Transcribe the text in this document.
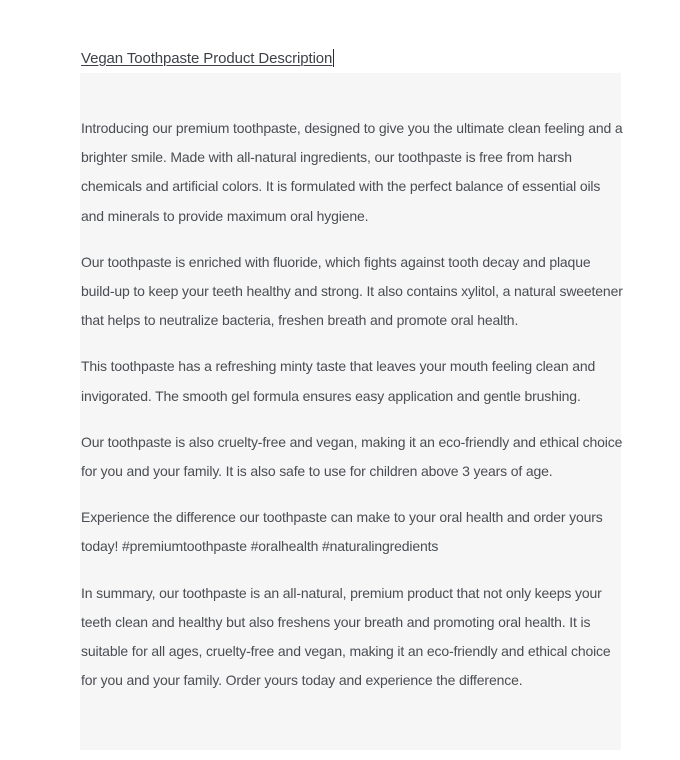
Vegan Toothpaste Product Description

Introducing our premium toothpaste, designed to give you the ultimate clean feeling and a brighter smile. Made with all-natural ingredients, our toothpaste is free from harsh chemicals and artificial colors. It is formulated with the perfect balance of essential oils and minerals to provide maximum oral hygiene.

Our toothpaste is enriched with fluoride, which fights against tooth decay and plaque build-up to keep your teeth healthy and strong. It also contains xylitol, a natural sweetener that helps to neutralize bacteria, freshen breath and promote oral health.

This toothpaste has a refreshing minty taste that leaves your mouth feeling clean and invigorated. The smooth gel formula ensures easy application and gentle brushing.

Our toothpaste is also cruelty-free and vegan, making it an eco-friendly and ethical choice for you and your family. It is also safe to use for children above 3 years of age.

Experience the difference our toothpaste can make to your oral health and order yours today! #premiumtoothpaste #oralhealth #naturalingredients

In summary, our toothpaste is an all-natural, premium product that not only keeps your teeth clean and healthy but also freshens your breath and promoting oral health. It is suitable for all ages, cruelty-free and vegan, making it an eco-friendly and ethical choice for you and your family. Order yours today and experience the difference.
